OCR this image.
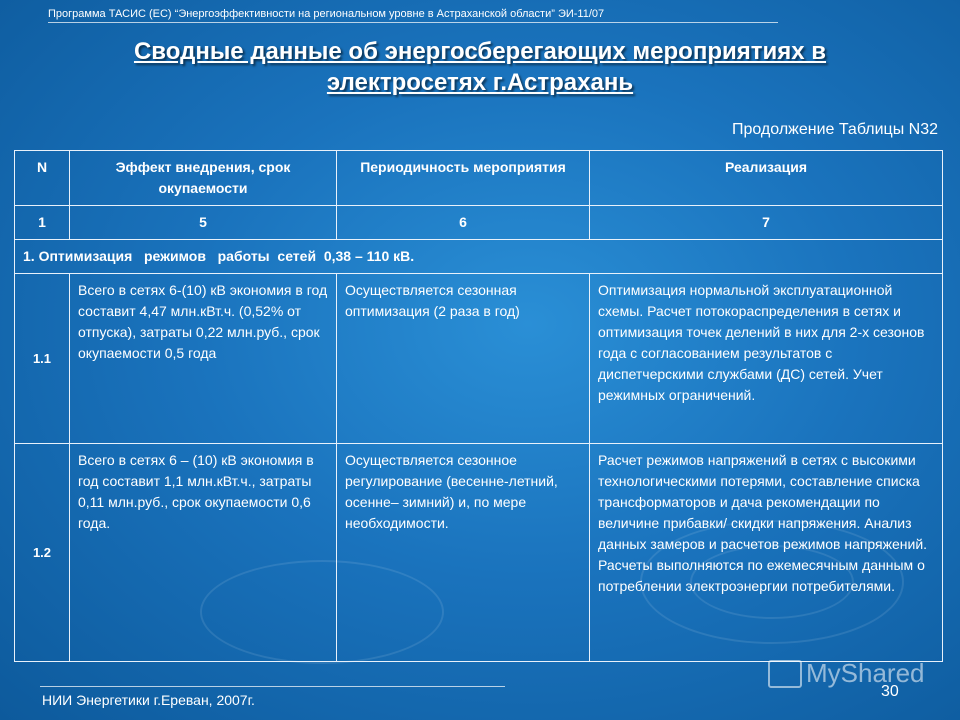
Программа ТАСИС (ЕС) “Энергоэффективности на региональном уровне в Астраханской области” ЭИ-11/07
Сводные данные об энергосберегающих мероприятиях в
электросетях г.Астрахань
Продолжение Таблицы N32
N	Эффект внедрения, срок окупаемости	Периодичность мероприятия	Реализация
1	5	6	7
1. Оптимизация   режимов   работы  сетей  0,38 – 110 кВ.			
1.1	Всего в сетях 6-(10) кВ экономия в год составит 4,47 млн.кВт.ч. (0,52% от отпуска), затраты 0,22 млн.руб., срок окупаемости 0,5 года	Осуществляется сезонная оптимизация (2 раза в год)	Оптимизация нормальной эксплуатационной схемы. Расчет потокораспределения в сетях и оптимизация точек делений в них для 2-х сезонов года с согласованием результатов с диспетчерскими службами (ДС) сетей. Учет режимных ограничений.
1.2	Всего в сетях 6 – (10) кВ экономия в год составит 1,1 млн.кВт.ч., затраты 0,11 млн.руб., срок окупаемости 0,6 года.	Осуществляется сезонное регулирование (весенне-летний, осенне– зимний) и, по мере необходимости.	Расчет режимов напряжений в сетях с высокими технологическими потерями, составление списка трансформаторов и дача рекомендации по величине прибавки/ скидки напряжения. Анализ данных замеров и расчетов режимов напряжений. Расчеты выполняются по ежемесячным данным о потреблении электроэнергии потребителями.
НИИ Энергетики г.Ереван, 2007г.
MyShared
30
